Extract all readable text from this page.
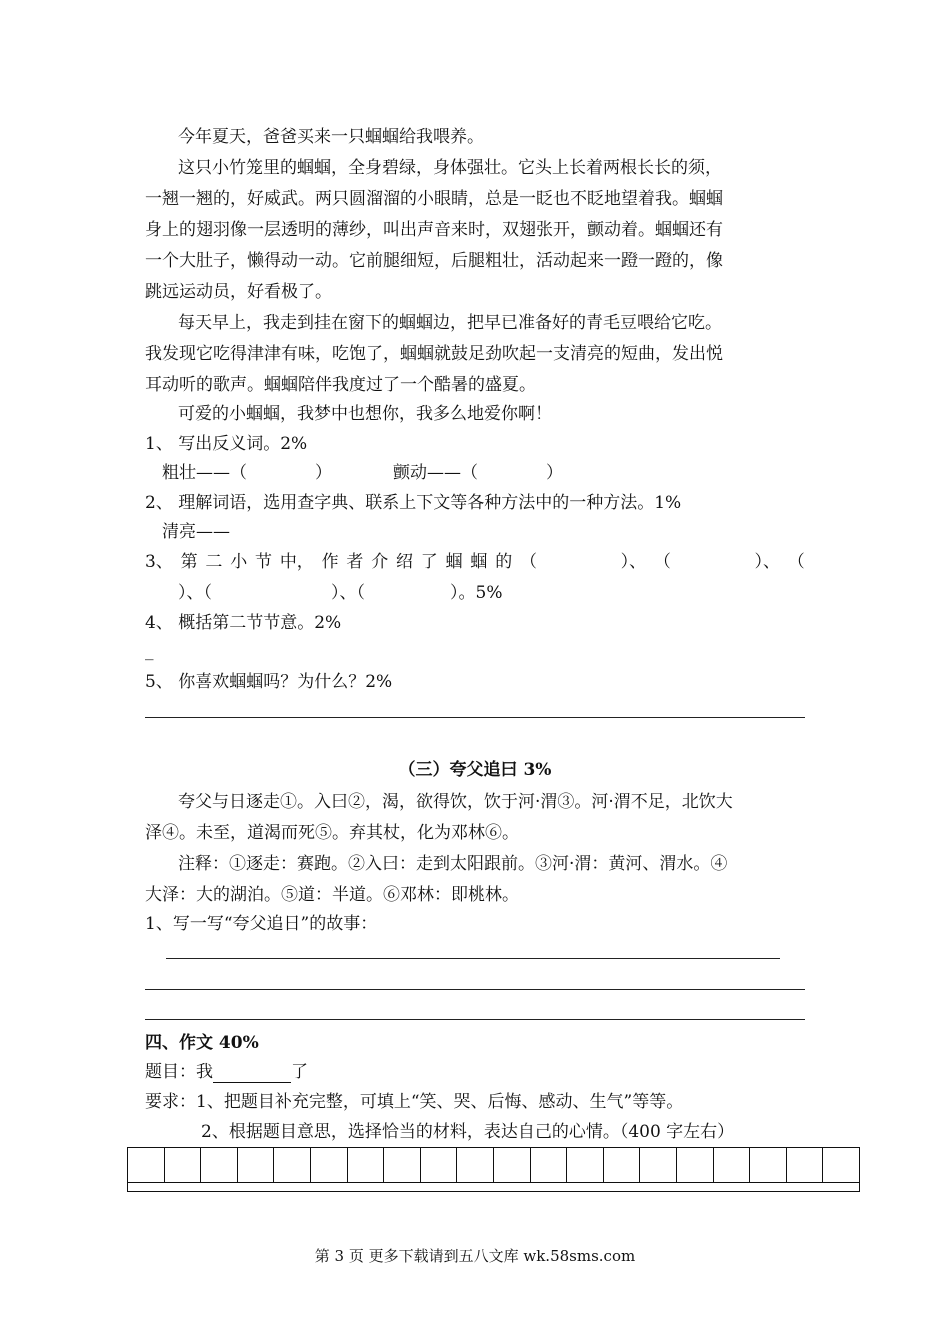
今年夏天，爸爸买来一只蝈蝈给我喂养。
这只小竹笼里的蝈蝈，全身碧绿，身体强壮。它头上长着两根长长的须，
一翘一翘的，好威武。两只圆溜溜的小眼睛，总是一眨也不眨地望着我。蝈蝈
身上的翅羽像一层透明的薄纱，叫出声音来时，双翅张开，颤动着。蝈蝈还有
一个大肚子，懒得动一动。它前腿细短，后腿粗壮，活动起来一蹬一蹬的，像
跳远运动员，好看极了。
每天早上，我走到挂在窗下的蝈蝈边，把早已准备好的青毛豆喂给它吃。
我发现它吃得津津有味，吃饱了，蝈蝈就鼓足劲吹起一支清亮的短曲，发出悦
耳动听的歌声。蝈蝈陪伴我度过了一个酷暑的盛夏。
可爱的小蝈蝈，我梦中也想你，我多么地爱你啊！
1、 写出反义词。2%
粗壮——（　　　　）	颤动——（　　　　）
2、 理解词语，选用查字典、联系上下文等各种方法中的一种方法。1%
清亮——
3、 第 二 小 节 中， 作 者 介 绍 了 蝈 蝈 的 （
　　　　	）、 （
　　　　	）、 （
）、（　　　　　　　）、（　　　　　）。5%
4、 概括第二节节意。2%
_
5、 你喜欢蝈蝈吗？为什么？2%
（三）夸父追曰 3%
夸父与日逐走①。入曰②，渴，欲得饮，饮于河·渭③。河·渭不足，北饮大
泽④。未至，道渴而死⑤。弃其杖，化为邓林⑥。
注释：①逐走：赛跑。②入曰：走到太阳跟前。③河·渭：黄河、渭水。④
大泽：大的湖泊。⑤道：半道。⑥邓林：即桃林。
1、写一写“夸父追日”的故事：
四、作文 40%
题目：我	了
要求：1、把题目补充完整，可填上“笑、哭、后悔、感动、生气”等等。
2、根据题目意思，选择恰当的材料，表达自己的心情。（400 字左右）
第 3 页 更多下载请到五八文库 wk.58sms.com
